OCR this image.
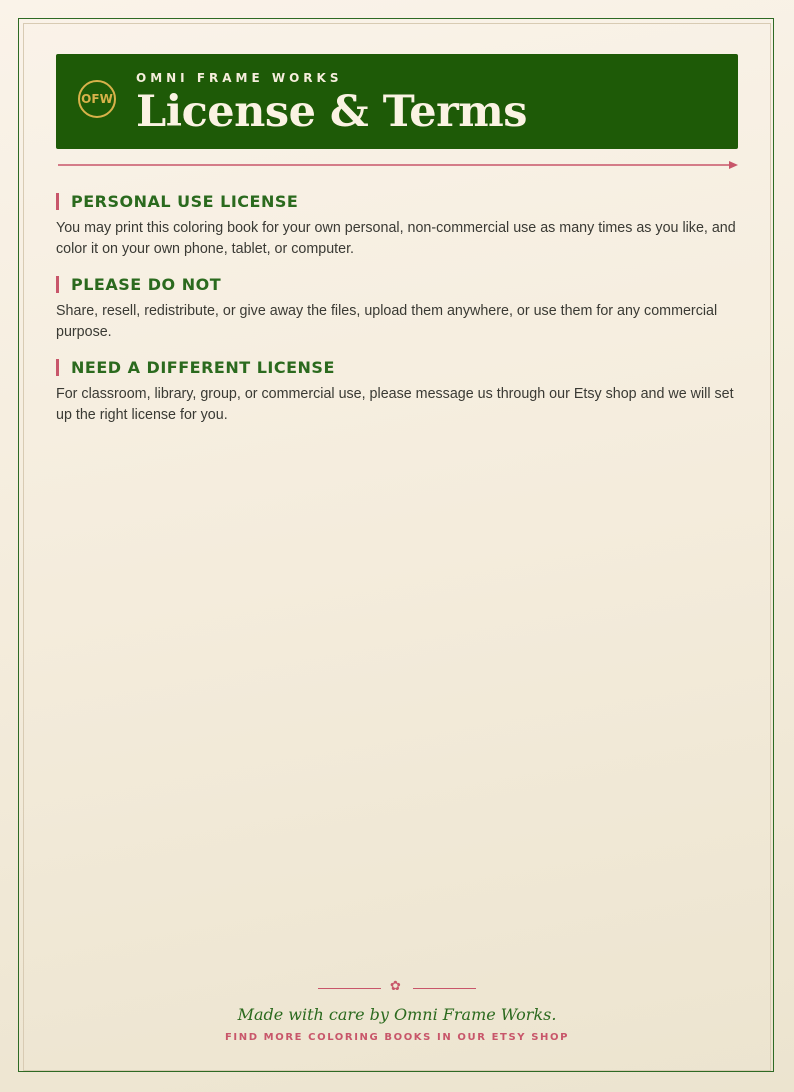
OFW
OMNI FRAME WORKS
License & Terms
PERSONAL USE LICENSE

You may print this coloring book for your own personal, non-commercial use as many times as you like, and color it on your own phone, tablet, or computer.

PLEASE DO NOT

Share, resell, redistribute, or give away the files, upload them anywhere, or use them for any commercial purpose.

NEED A DIFFERENT LICENSE

For classroom, library, group, or commercial use, please message us through our Etsy shop and we will set up the right license for you.

✿
Made with care by Omni Frame Works.
FIND MORE COLORING BOOKS IN OUR ETSY SHOP
